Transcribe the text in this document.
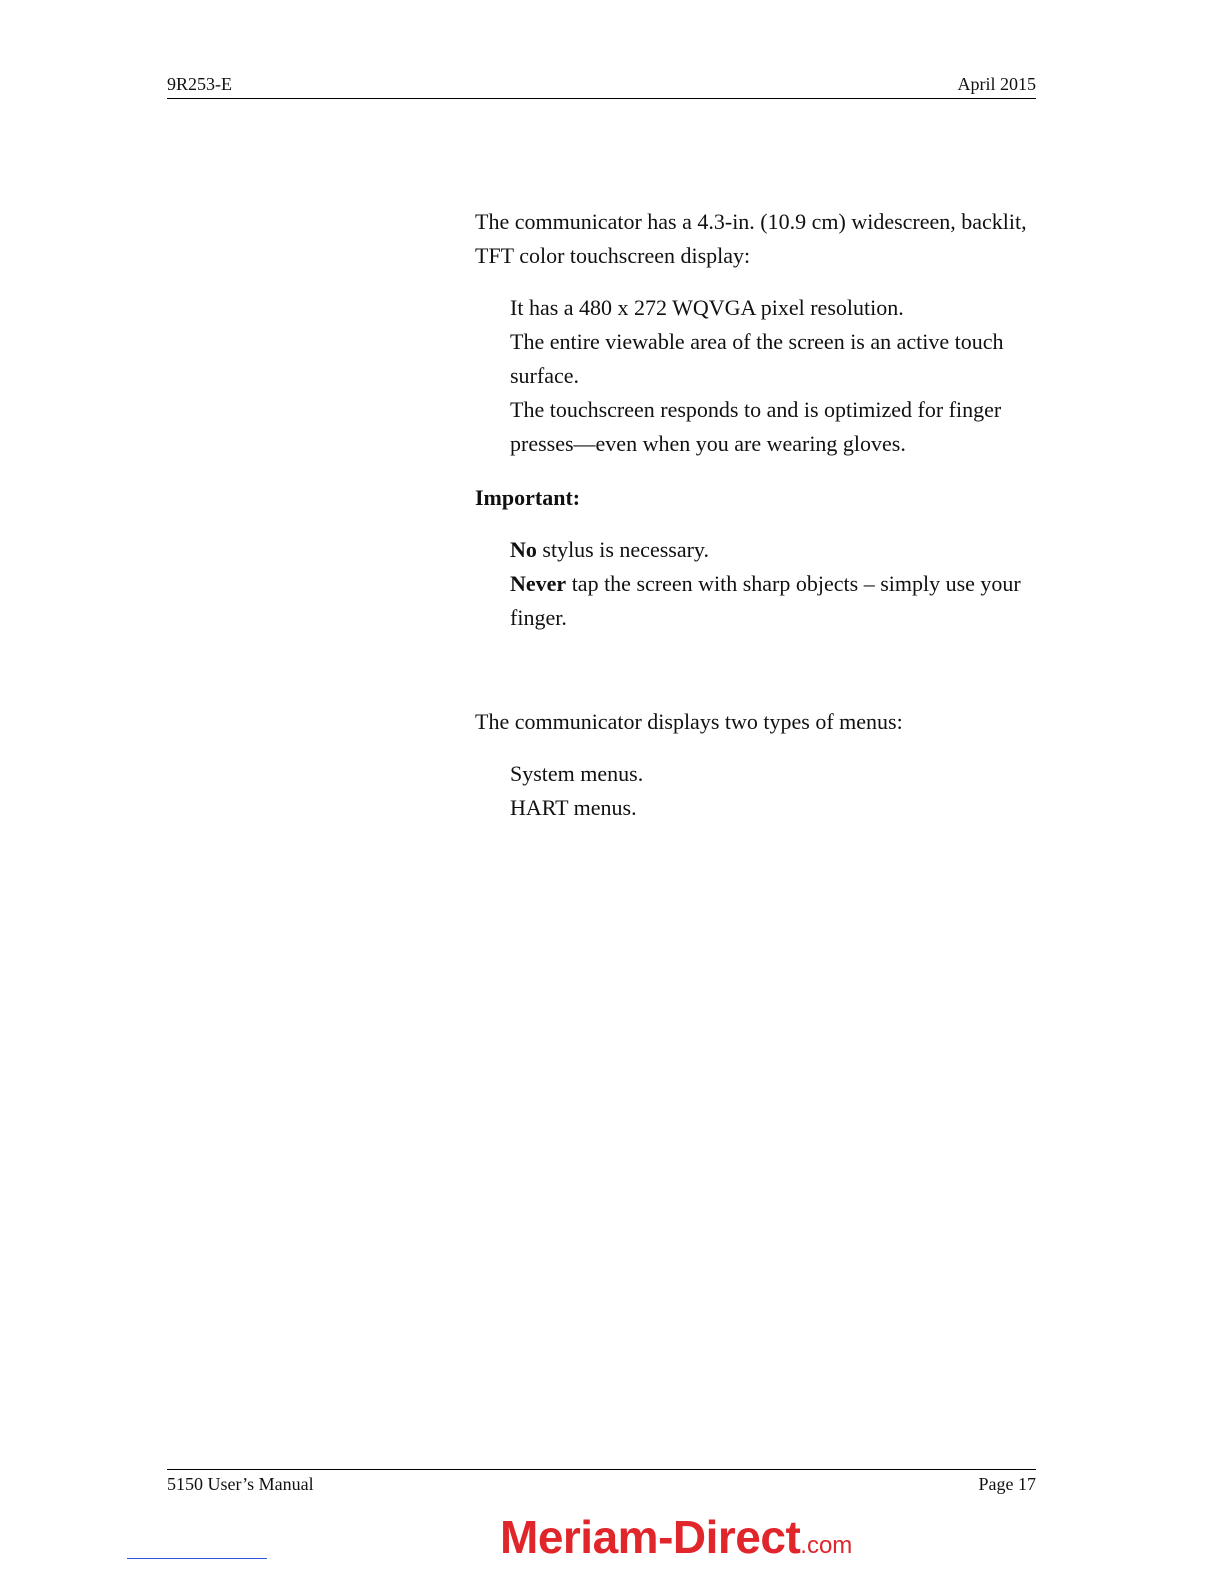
9R253-E	April 2015

The communicator has a 4.3-in. (10.9 cm) widescreen, backlit, TFT color touchscreen display:

It has a 480 x 272 WQVGA pixel resolution.
The entire viewable area of the screen is an active touch surface.
The touchscreen responds to and is optimized for finger presses—even when you are wearing gloves.

Important:

No stylus is necessary.
Never tap the screen with sharp objects – simply use your finger.

The communicator displays two types of menus:

System menus.
HART menus.
5150 User’s Manual	Page 17
Meriam-Direct.com
